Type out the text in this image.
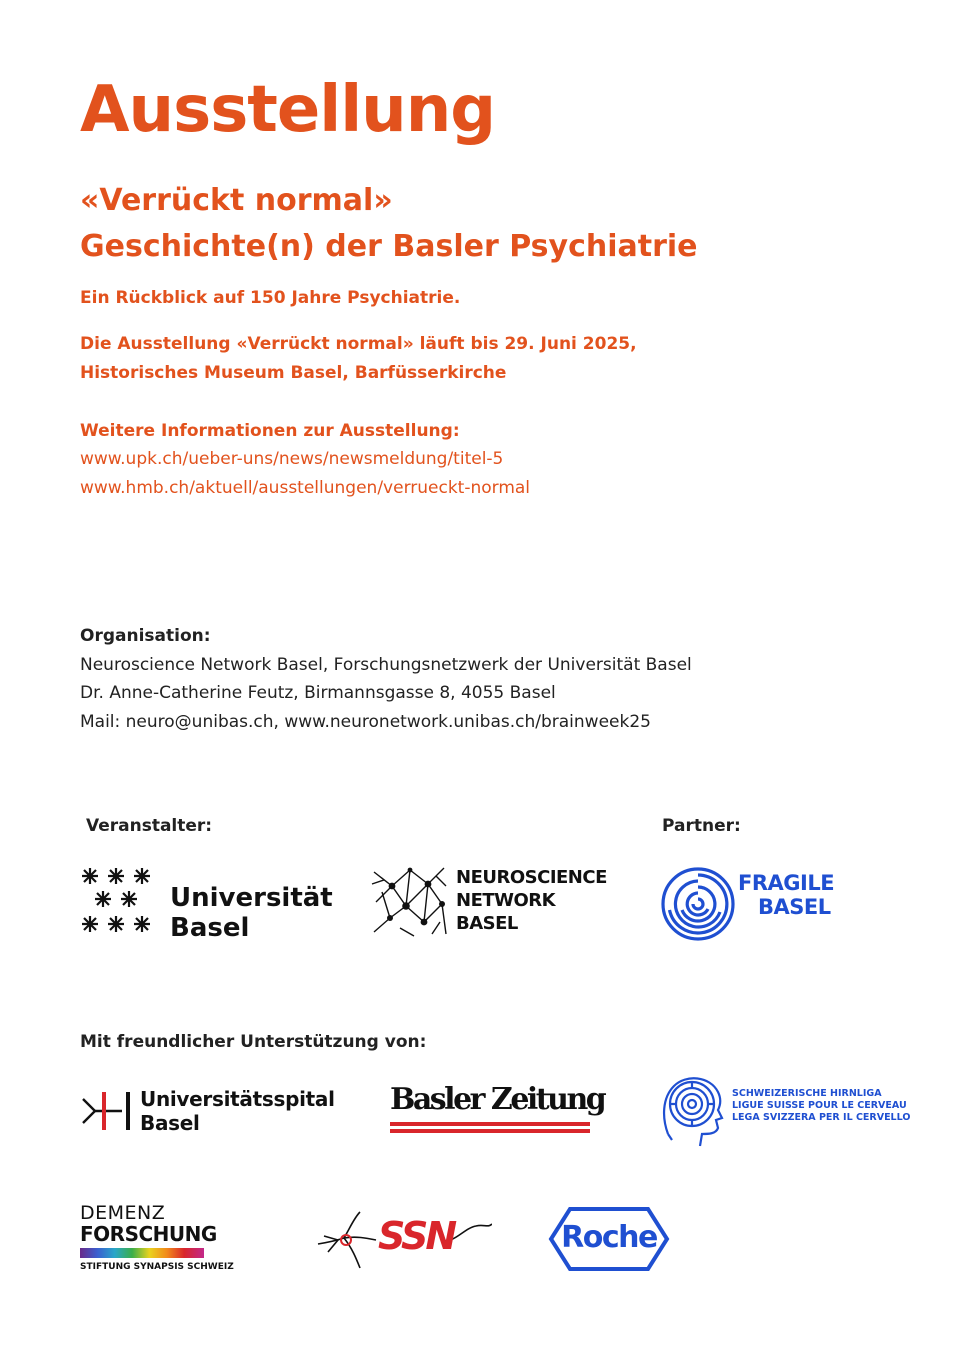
Ausstellung
«Verrückt normal»
Geschichte(n) der Basler Psychiatrie
Ein Rückblick auf 150 Jahre Psychiatrie.
Die Ausstellung «Verrückt normal» läuft bis 29. Juni 2025,
Historisches Museum Basel, Barfüsserkirche
Weitere Informationen zur Ausstellung:
www.upk.ch/ueber-uns/news/newsmeldung/titel-5
www.hmb.ch/aktuell/ausstellungen/verrueckt-normal
Organisation:
Neuroscience Network Basel, Forschungsnetzwerk der Universität Basel
Dr. Anne-Catherine Feutz, Birmannsgasse 8, 4055 Basel
Mail: neuro@unibas.ch, www.neuronetwork.unibas.ch/brainweek25
Veranstalter:	Partner:
Mit freundlicher Unterstützung von:
Universität
Basel
NEUROSCIENCE
NETWORK
BASEL
FRAGILE
BASEL
Universitätsspital
Basel
Basler Zeitung	SCHWEIZERISCHE HIRNLIGA
LIGUE SUISSE POUR LE CERVEAU
LEGA SVIZZERA PER IL CERVELLO
DEMENZ
FORSCHUNG
STIFTUNG SYNAPSIS SCHWEIZ
SSN	Roche
